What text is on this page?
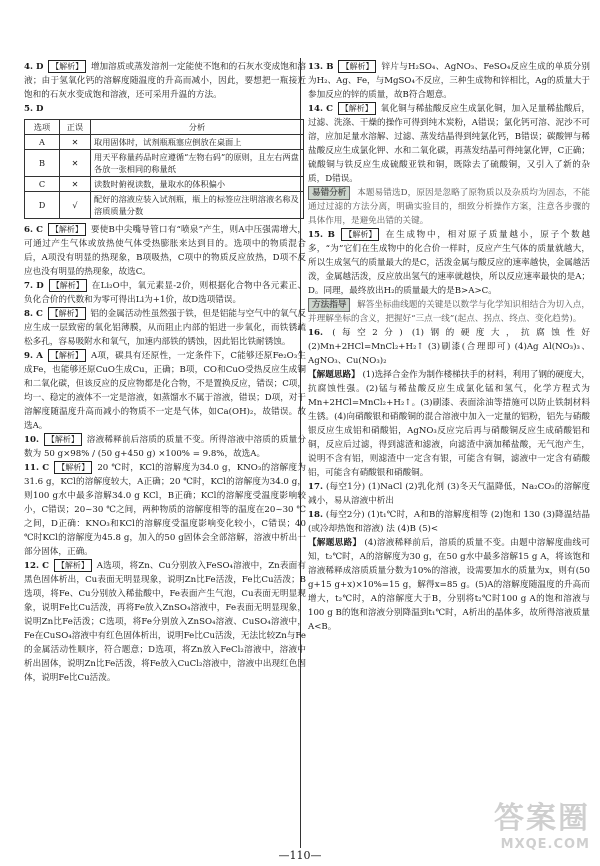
4. D 【解析】 增加溶质或蒸发溶剂一定能使不饱和的石灰水变成饱和溶液；由于氢氧化钙的溶解度随温度的升高而减小，因此，要想把一瓶接近饱和的石灰水变成饱和溶液，还可采用升温的方法。

5. D

选项	正误	分析
A	✕	取用固体时，试剂瓶瓶塞应倒放在桌面上
B	✕	用天平称量药品时应遵循“左物右码”的原则，且左右两盘各放一张相同的称量纸
C	✕	读数时俯视读数，量取水的体积偏小
D	√	配好的溶液应装入试剂瓶，瓶上的标签应注明溶液名称及溶质质量分数

6. C 【解析】 要使B中尖嘴导管口有“喷泉”产生，则A中压强需增大，可通过产生气体或放热使气体受热膨胀来达到目的。选项中的物质混合后，A项没有明显的热现象，B项吸热，C项中的物质反应放热，D项不反应也没有明显的热现象，故选C。

7. D 【解析】 在Li₂O中，氧元素显-2价，则根据化合物中各元素正、负化合价的代数和为零可得出Li为+1价，故D选项错误。

8. C 【解析】 铝的金属活动性虽然强于铁，但是铝能与空气中的氧气反应生成一层致密的氧化铝薄膜，从而阻止内部的铝进一步氧化，而铁锈疏松多孔，容易吸附水和氧气，加速内部铁的锈蚀，因此铝比铁耐锈蚀。

9. A 【解析】 A项，碳具有还原性，一定条件下，C能够还原Fe₂O₃生成Fe，也能够还原CuO生成Cu，正确；B项，CO和CuO受热反应生成铜和二氧化碳，但该反应的反应物都是化合物，不是置换反应，错误；C项，均一、稳定的液体不一定是溶液，如蒸馏水不属于溶液，错误；D项，对于溶解度随温度升高而减小的物质不一定是气体，如Ca(OH)₂，故错误。故选A。

10. 【解析】 溶液稀释前后溶质的质量不变。所得溶液中溶质的质量分数为 50 g×98% / (50 g+450 g) ×100% = 9.8%，故选A。

11. C 【解析】 20 ℃时，KCl的溶解度为34.0 g，KNO₃的溶解度为31.6 g，KCl的溶解度较大，A正确；20 ℃时，KCl的溶解度为34.0 g，则100 g水中最多溶解34.0 g KCl，B正确；KCl的溶解度受温度影响较小，C错误；20~30 ℃之间，两种物质的溶解度相等的温度在20~30 ℃之间，D正确：KNO₃和KCl的溶解度受温度影响变化较小，C错误；40 ℃时KCl的溶解度为45.8 g，加入的50 g固体会全部溶解，溶液中析出一部分固体，正确。

12. C 【解析】 A选项，将Zn、Cu分别放入FeSO₄溶液中，Zn表面有黑色固体析出，Cu表面无明显现象，说明Zn比Fe活泼，Fe比Cu活泼；B选项，将Fe、Cu分别放入稀盐酸中，Fe表面产生气泡，Cu表面无明显现象，说明Fe比Cu活泼，再将Fe放入ZnSO₄溶液中，Fe表面无明显现象，说明Zn比Fe活泼；C选项，将Fe分别放入ZnSO₄溶液、CuSO₄溶液中，Fe在CuSO₄溶液中有红色固体析出，说明Fe比Cu活泼，无法比较Zn与Fe的金属活动性顺序，符合题意；D选项，将Zn放入FeCl₂溶液中，溶液中析出固体，说明Zn比Fe活泼，将Fe放入CuCl₂溶液中，溶液中出现红色固体，说明Fe比Cu活泼。

13. B 【解析】 锌片与H₂SO₄、AgNO₃、FeSO₄反应生成的单质分别为H₂、Ag、Fe，与MgSO₄不反应，三种生成物和锌相比，Ag的质量大于参加反应的锌的质量，故B符合题意。

14. C 【解析】 氧化铜与稀盐酸反应生成氯化铜，加入足量稀盐酸后，过滤、洗涤、干燥的操作可得到纯木炭粉，A错误；氯化钙可溶、泥沙不可溶，应加足量水溶解、过滤、蒸发结晶得到纯氯化钙，B错误；碳酸钾与稀盐酸反应生成氯化钾、水和二氧化碳，再蒸发结晶可得纯氯化钾，C正确；硫酸铜与铁反应生成硫酸亚铁和铜，既除去了硫酸铜，又引入了新的杂质，D错误。

易错分析 本题易错选D，原因是忽略了原物质以及杂质均为固态，不能通过过滤的方法分离，明确实验目的，细致分析操作方案，注意各步骤的具体作用，是避免出错的关键。

15. B 【解析】 在生成物中，相对原子质量越小，原子个数越多，“为”它们在生成物中的化合价一样时，反应产生气体的质量就越大，所以生成氢气的质量最大的是C，活泼金属与酸反应的速率越快，金属越活泼，金属越活泼，反应放出氢气的速率就越快，所以反应速率最快的是A；D。同理，最终放出H₂的质量最大的是B>A>C。

方法指导 解答坐标曲线题的关键是以数学与化学知识相结合为切入点，并理解坐标的含义，把握好“三点一线”(起点、拐点、终点、变化趋势)。

16. (每空2分) (1)钢的硬度大，抗腐蚀性好 (2)Mn+2HCl=MnCl₂+H₂↑ (3)刷漆(合理即可) (4)Ag Al(NO₃)₃、AgNO₃、Cu(NO₃)₂

【解题思路】 (1)选择合金作为制作楼梯扶手的材料，利用了钢的硬度大，抗腐蚀性强。(2)锰与稀盐酸反应生成氯化锰和氢气，化学方程式为Mn+2HCl=MnCl₂+H₂↑。(3)刷漆、表面涂油等措施可以防止铁制材料生锈。(4)向硝酸银和硝酸铜的混合溶液中加入一定量的铝粉，铝先与硝酸银反应生成铝和硝酸铝，AgNO₃反应完后再与硝酸铜反应生成硝酸铝和铜，反应后过滤，得到滤渣和滤液，向滤渣中滴加稀盐酸，无气泡产生，说明不含有铝，则滤渣中一定含有银，可能含有铜，滤液中一定含有硝酸铝，可能含有硝酸银和硝酸铜。

17. (每空1分) (1)NaCl (2)乳化剂 (3)冬天气温降低，Na₂CO₃的溶解度减小，易从溶液中析出

18. (每空2分) (1)t₁℃时，A和B的溶解度相等 (2)饱和 130 (3)降温结晶(或冷却热饱和溶液) 法 (4)B (5)<

【解题思路】 (4)溶液稀释前后，溶质的质量不变。由题中溶解度曲线可知，t₂℃时，A的溶解度为30 g，在50 g水中最多溶解15 g A，将该饱和溶液稀释成溶质质量分数为10%的溶液，设需要加水的质量为x，则有(50 g+15 g+x)×10%=15 g，解得x=85 g。(5)A的溶解度随温度的升高而增大，t₂℃时，A的溶解度大于B，分别将t₂℃时100 g A的饱和溶液与100 g B的饱和溶液分别降温到t₁℃时，A析出的晶体多，故所得溶液质量A<B。

—110—
答案圈
MXQE.COM
